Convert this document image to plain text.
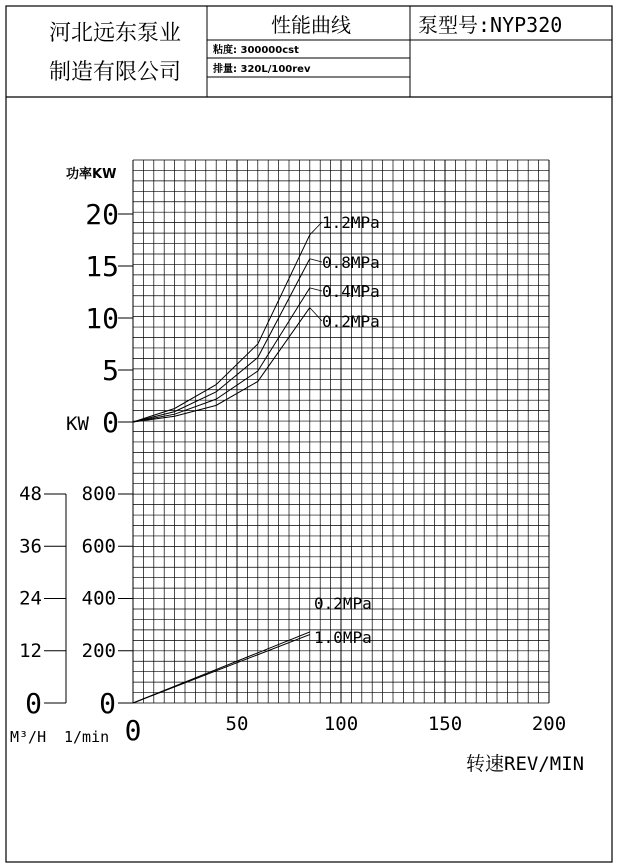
河北远东泵业
制造有限公司
性能曲线	泵型号:NYP320
粘度: 300000cst
排量: 320L/100rev
0
5
10
15
20
0
200
400
600
800
0
12
24
36
48
0	50	100	150	200
1.2MPa
0.8MPa
0.4MPa
0.2MPa
0.2MPa
1.0MPa
功率KW
KW
M³/H 1/min
转速REV/MIN
